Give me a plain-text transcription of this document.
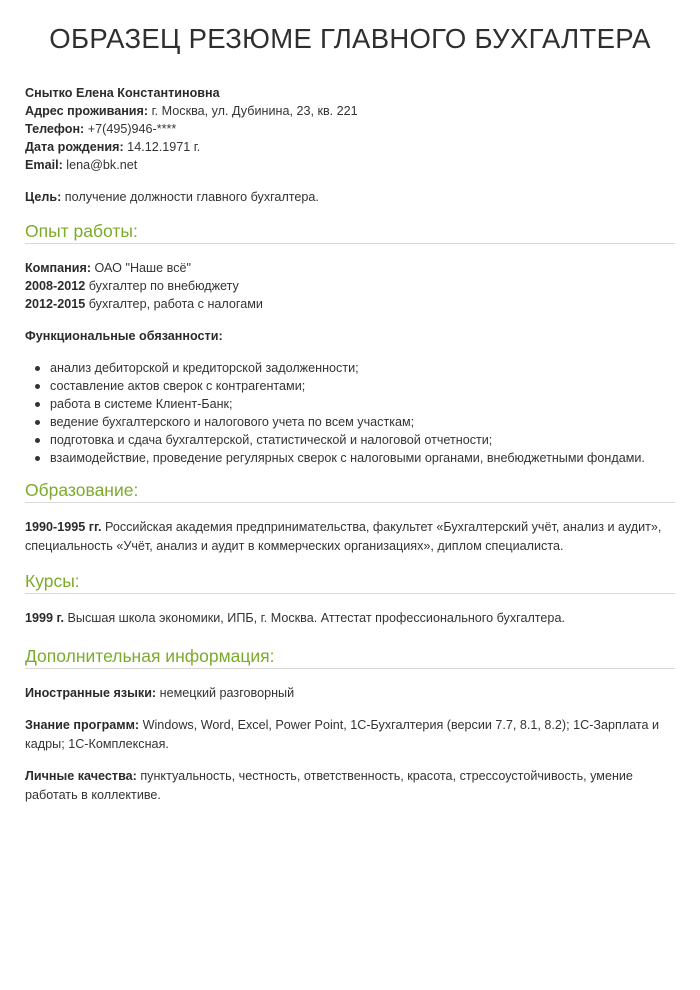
ОБРАЗЕЦ РЕЗЮМЕ ГЛАВНОГО БУХГАЛТЕРА
Снытко Елена Константиновна
Адрес проживания: г. Москва, ул. Дубинина, 23, кв. 221
Телефон: +7(495)946-****
Дата рождения: 14.12.1971 г.
Email: lena@bk.net
Цель: получение должности главного бухгалтера.
Опыт работы:
Компания: ОАО "Наше всё"
2008-2012 бухгалтер по внебюджету
2012-2015 бухгалтер, работа с налогами
Функциональные обязанности:
анализ дебиторской и кредиторской задолженности;
составление актов сверок с контрагентами;
работа в системе Клиент-Банк;
ведение бухгалтерского и налогового учета по всем участкам;
подготовка и сдача бухгалтерской, статистической и налоговой отчетности;
взаимодействие, проведение регулярных сверок с налоговыми органами, внебюджетными фондами.
Образование:
1990-1995 гг. Российская академия предпринимательства, факультет «Бухгалтерский учёт, анализ и аудит», специальность «Учёт, анализ и аудит в коммерческих организациях», диплом специалиста.
Курсы:
1999 г. Высшая школа экономики, ИПБ, г. Москва. Аттестат профессионального бухгалтера.
Дополнительная информация:
Иностранные языки: немецкий разговорный
Знание программ: Windows, Word, Excel, Power Point, 1С-Бухгалтерия (версии 7.7, 8.1, 8.2); 1С-Зарплата и кадры; 1С-Комплексная.
Личные качества: пунктуальность, честность, ответственность, красота, стрессоустойчивость, умение работать в коллективе.
